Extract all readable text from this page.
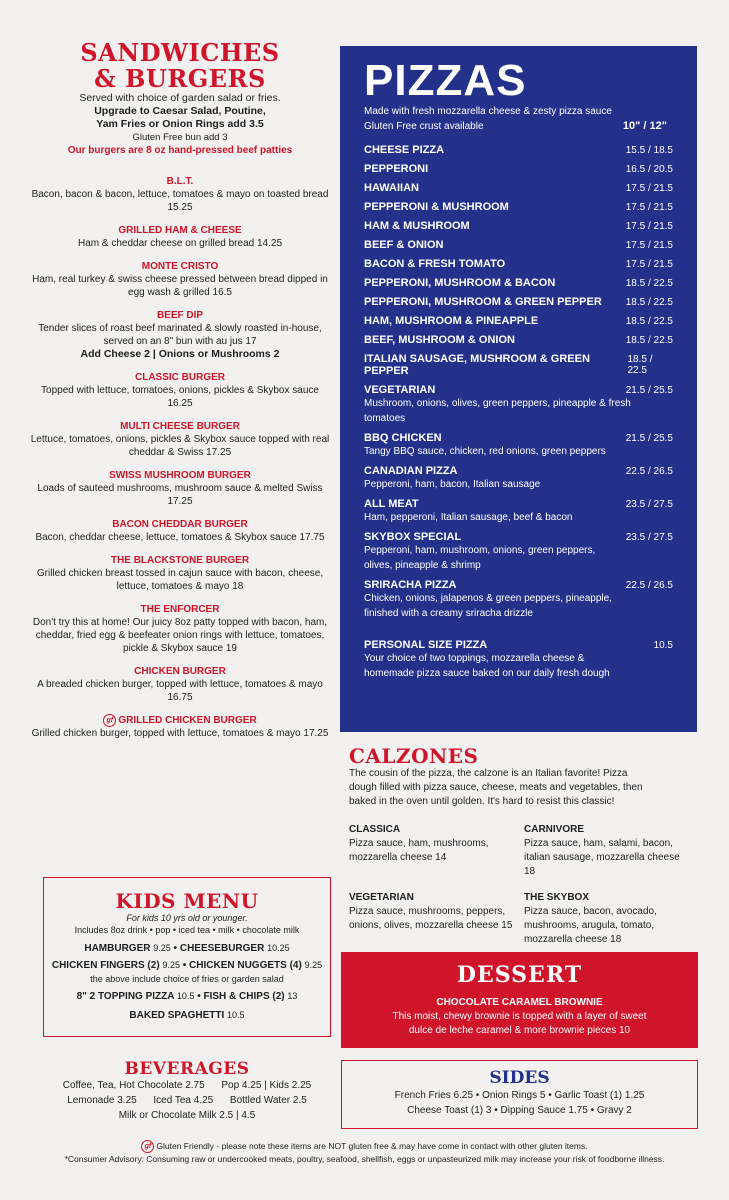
SANDWICHES
& BURGERS
Served with choice of garden salad or fries.
Upgrade to Caesar Salad, Poutine,
Yam Fries or Onion Rings add 3.5
Gluten Free bun add 3
Our burgers are 8 oz hand-pressed beef patties
B.L.T.
Bacon, bacon & bacon, lettuce, tomatoes & mayo on toasted bread 15.25
GRILLED HAM & CHEESE
Ham & cheddar cheese on grilled bread 14.25
MONTE CRISTO
Ham, real turkey & swiss cheese pressed between bread dipped in egg wash & grilled 16.5
BEEF DIP
Tender slices of roast beef marinated & slowly roasted in-house, served on an 8" bun with au jus 17
Add Cheese 2 | Onions or Mushrooms 2
CLASSIC BURGER
Topped with lettuce, tomatoes, onions, pickles & Skybox sauce 16.25
MULTI CHEESE BURGER
Lettuce, tomatoes, onions, pickles & Skybox sauce topped with real cheddar & Swiss 17.25
SWISS MUSHROOM BURGER
Loads of sauteed mushrooms, mushroom sauce & melted Swiss 17.25
BACON CHEDDAR BURGER
Bacon, cheddar cheese, lettuce, tomatoes & Skybox sauce 17.75
THE BLACKSTONE BURGER
Grilled chicken breast tossed in cajun sauce with bacon, cheese, lettuce, tomatoes & mayo 18
THE ENFORCER
Don't try this at home! Our juicy 8oz patty topped with bacon, ham, cheddar, fried egg & beefeater onion rings with lettuce, tomatoes, pickle & Skybox sauce 19
CHICKEN BURGER
A breaded chicken burger, topped with lettuce, tomatoes & mayo 16.75
gf GRILLED CHICKEN BURGER
Grilled chicken burger, topped with lettuce, tomatoes & mayo 17.25
KIDS MENU
For kids 10 yrs old or younger.
Includes 8oz drink • pop • iced tea • milk • chocolate milk
HAMBURGER 9.25 • CHEESEBURGER 10.25
CHICKEN FINGERS (2) 9.25 • CHICKEN NUGGETS (4) 9.25
the above include choice of fries or garden salad
8" 2 TOPPING PIZZA 10.5 • FISH & CHIPS (2) 13
BAKED SPAGHETTI 10.5
BEVERAGES
Coffee, Tea, Hot Chocolate 2.75      Pop 4.25 | Kids 2.25
Lemonade 3.25      Iced Tea 4.25      Bottled Water 2.5
Milk or Chocolate Milk 2.5 | 4.5
PIZZAS
Made with fresh mozzarella cheese & zesty pizza sauce
Gluten Free crust available	10" / 12"
CHEESE PIZZA	15.5 / 18.5
PEPPERONI	16.5 / 20.5
HAWAIIAN	17.5 / 21.5
PEPPERONI & MUSHROOM	17.5 / 21.5
HAM & MUSHROOM	17.5 / 21.5
BEEF & ONION	17.5 / 21.5
BACON & FRESH TOMATO	17.5 / 21.5
PEPPERONI, MUSHROOM & BACON	18.5 / 22.5
PEPPERONI, MUSHROOM & GREEN PEPPER 18.5 / 22.5
HAM, MUSHROOM & PINEAPPLE	18.5 / 22.5
BEEF, MUSHROOM & ONION	18.5 / 22.5
ITALIAN SAUSAGE, MUSHROOM & GREEN PEPPER
18.5 / 22.5
VEGETARIAN	21.5 / 25.5
Mushroom, onions, olives, green peppers, pineapple & fresh tomatoes
BBQ CHICKEN	21.5 / 25.5
Tangy BBQ sauce, chicken, red onions, green peppers
CANADIAN PIZZA	22.5 / 26.5
Pepperoni, ham, bacon, Italian sausage
ALL MEAT	23.5 / 27.5
Ham, pepperoni, Italian sausage, beef & bacon
SKYBOX SPECIAL	23.5 / 27.5
Pepperoni, ham, mushroom, onions, green peppers, olives, pineapple & shrimp
SRIRACHA PIZZA	22.5 / 26.5
Chicken, onions, jalapenos & green peppers, pineapple, finished with a creamy sriracha drizzle
PERSONAL SIZE PIZZA	10.5
Your choice of two toppings, mozzarella cheese & homemade pizza sauce baked on our daily fresh dough
CALZONES
The cousin of the pizza, the calzone is an Italian favorite! Pizza dough filled with pizza sauce, cheese, meats and vegetables, then baked in the oven until golden. It's hard to resist this classic!
CLASSICA
Pizza sauce, ham, mushrooms, mozzarella cheese 14
CARNIVORE
Pizza sauce, ham, salami, bacon, italian sausage, mozzarella cheese 18
VEGETARIAN
Pizza sauce, mushrooms, peppers, onions, olives, mozzarella cheese 15
THE SKYBOX
Pizza sauce, bacon, avocado, mushrooms, arugula, tomato, mozzarella cheese 18
DESSERT
CHOCOLATE CARAMEL BROWNIE
This moist, chewy brownie is topped with a layer of sweet dulce de leche caramel & more brownie pieces 10
SIDES
French Fries 6.25 • Onion Rings 5 • Garlic Toast (1) 1.25
Cheese Toast (1) 3 • Dipping Sauce 1.75 • Gravy 2
gf Gluten Friendly - please note these items are NOT gluten free & may have come in contact with other gluten items.
*Consumer Advisory: Consuming raw or undercooked meats, poultry, seafood, shellfish, eggs or unpasteurized milk may increase your risk of foodborne illness.
